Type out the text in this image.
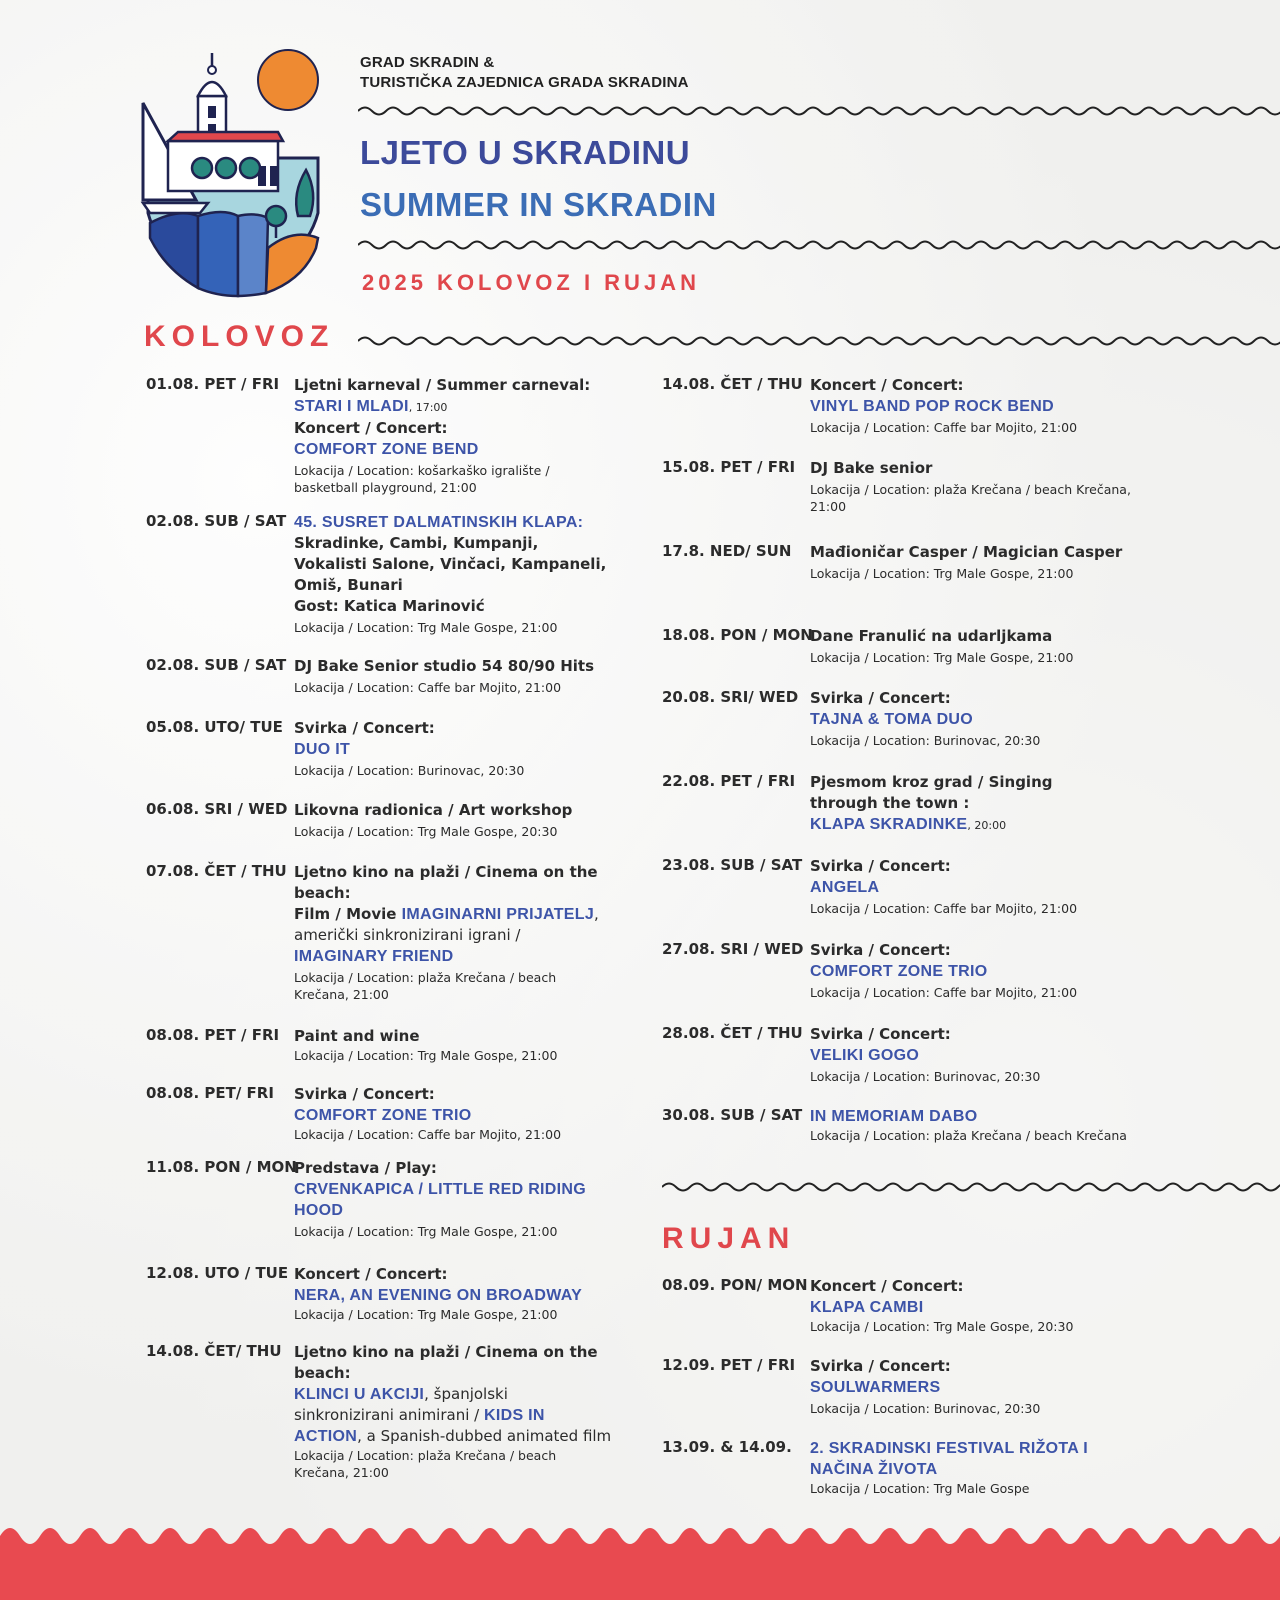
GRAD SKRADIN &
TURISTIČKA ZAJEDNICA GRADA SKRADINA
LJETO U SKRADINU
SUMMER IN SKRADIN
2025 KOLOVOZ I RUJAN
KOLOVOZ
01.08. PET / FRI Ljetni karneval / Summer carneval:
STARI I MLADI, 17:00
Koncert / Concert:
COMFORT ZONE BEND
Lokacija / Location: košarkaško igralište / basketball playground, 21:00
02.08. SUB / SAT 45. SUSRET DALMATINSKIH KLAPA:
Skradinke, Cambi, Kumpanji, Vokalisti Salone, Vinčaci, Kampaneli, Omiš, Bunari
Gost: Katica Marinović
Lokacija / Location: Trg Male Gospe, 21:00
02.08. SUB / SAT DJ Bake Senior studio 54 80/90 Hits
Lokacija / Location: Caffe bar Mojito, 21:00
05.08. UTO/ TUE Svirka / Concert:
DUO IT
Lokacija / Location: Burinovac, 20:30
06.08. SRI / WED Likovna radionica / Art workshop
Lokacija / Location: Trg Male Gospe, 20:30
07.08. ČET / THU Ljetno kino na plaži / Cinema on the beach:
Film / Movie IMAGINARNI PRIJATELJ,
američki sinkronizirani igrani /
IMAGINARY FRIEND
Lokacija / Location: plaža Krečana / beach Krečana, 21:00
08.08. PET / FRI Paint and wine
Lokacija / Location: Trg Male Gospe, 21:00
08.08. PET/ FRI	Svirka / Concert:
COMFORT ZONE TRIO
Lokacija / Location: Caffe bar Mojito, 21:00
11.08. PON / MON
Predstava / Play:
CRVENKAPICA / LITTLE RED RIDING HOOD
Lokacija / Location: Trg Male Gospe, 21:00
12.08. UTO / TUE Koncert / Concert:
NERA, AN EVENING ON BROADWAY
Lokacija / Location: Trg Male Gospe, 21:00
14.08. ČET/ THU Ljetno kino na plaži / Cinema on the beach:
KLINCI U AKCIJI, španjolski sinkronizirani animirani / KIDS IN ACTION, a Spanish-dubbed animated film
Lokacija / Location: plaža Krečana / beach Krečana, 21:00
14.08. ČET / THU Koncert / Concert:
VINYL BAND POP ROCK BEND
Lokacija / Location: Caffe bar Mojito, 21:00
15.08. PET / FRI DJ Bake senior
Lokacija / Location: plaža Krečana / beach Krečana, 21:00
17.8. NED/ SUN Mađioničar Casper / Magician Casper
Lokacija / Location: Trg Male Gospe, 21:00
18.08. PON / MON
Dane Franulić na udarljkama
Lokacija / Location: Trg Male Gospe, 21:00
20.08. SRI/ WED Svirka / Concert:
TAJNA & TOMA DUO
Lokacija / Location: Burinovac, 20:30
22.08. PET / FRI Pjesmom kroz grad / Singing through the town :
KLAPA SKRADINKE, 20:00
23.08. SUB / SAT Svirka / Concert:
ANGELA
Lokacija / Location: Caffe bar Mojito, 21:00
27.08. SRI / WED Svirka / Concert:
COMFORT ZONE TRIO
Lokacija / Location: Caffe bar Mojito, 21:00
28.08. ČET / THU Svirka / Concert:
VELIKI GOGO
Lokacija / Location: Burinovac, 20:30
30.08. SUB / SAT IN MEMORIAM DABO
Lokacija / Location: plaža Krečana / beach Krečana
RUJAN
08.09. PON/ MON Koncert / Concert:
KLAPA CAMBI
Lokacija / Location: Trg Male Gospe, 20:30
12.09. PET / FRI Svirka / Concert:
SOULWARMERS
Lokacija / Location: Burinovac, 20:30
13.09. & 14.09. 2. SKRADINSKI FESTIVAL RIŽOTA I NAČINA ŽIVOTA
Lokacija / Location: Trg Male Gospe
